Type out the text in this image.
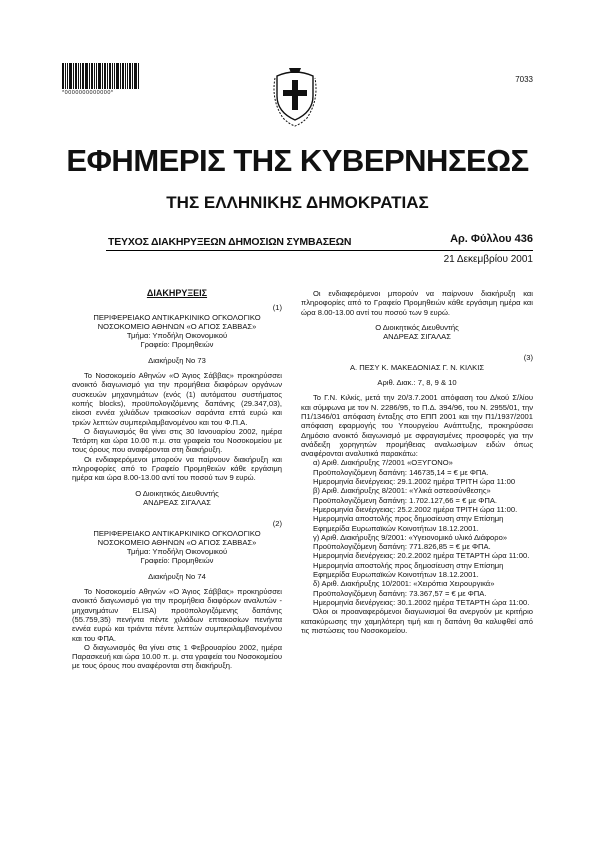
*0000000000000*
7033
ΕΦΗΜΕΡΙΣ ΤΗΣ ΚΥΒΕΡΝΗΣΕΩΣ
ΤΗΣ ΕΛΛΗΝΙΚΗΣ ΔΗΜΟΚΡΑΤΙΑΣ
ΤΕΥΧΟΣ ΔΙΑΚΗΡΥΞΕΩΝ ΔΗΜΟΣΙΩΝ ΣΥΜΒΑΣΕΩΝ	Αρ. Φύλλου 436
21 Δεκεμβρίου 2001

ΔΙΑΚΗΡΥΞΕΙΣ

(1)

ΠΕΡΙΦΕΡΕΙΑΚΟ ΑΝΤΙΚΑΡΚΙΝΙΚΟ ΟΓΚΟΛΟΓΙΚΟ

ΝΟΣΟΚΟΜΕΙΟ ΑΘΗΝΩΝ «Ο ΑΓΙΟΣ ΣΑΒΒΑΣ»

Τμήμα: Υποδήλη Οικονομικού

Γραφείο: Προμηθειών

Διακήρυξη Νο 73

Το Νοσοκομείο Αθηνών «Ο Άγιος Σάββας» προκηρύσσει ανοικτό διαγωνισμό για την προμήθεια διαφόρων οργάνων συσκευών μηχανημάτων (ενός (1) αυτόματου συστήματος κοπής blocks), προϋπολογιζόμενης δαπάνης (29.347,03), είκοσι εννέα χιλιάδων τριακοσίων σαράντα επτά ευρώ και τριών λεπτών συμπεριλαμβανομένου και του Φ.Π.Α.

Ο διαγωνισμός θα γίνει στις 30 Ιανουαρίου 2002, ημέρα Τετάρτη και ώρα 10.00 π.μ. στα γραφεία του Νοσοκομείου με τους όρους που αναφέρονται στη διακήρυξη.

Οι ενδιαφερόμενοι μπορούν να παίρνουν διακήρυξη και πληροφορίες από το Γραφείο Προμηθειών κάθε εργάσιμη ημέρα και ώρα 8.00-13.00 αντί του ποσού των 9 ευρώ.

Ο Διοικητικός Διευθυντής

ΑΝΔΡΕΑΣ ΣΙΓΑΛΑΣ

(2)

ΠΕΡΙΦΕΡΕΙΑΚΟ ΑΝΤΙΚΑΡΚΙΝΙΚΟ ΟΓΚΟΛΟΓΙΚΟ

ΝΟΣΟΚΟΜΕΙΟ ΑΘΗΝΩΝ «Ο ΑΓΙΟΣ ΣΑΒΒΑΣ»

Τμήμα: Υποδήλη Οικονομικού

Γραφείο: Προμηθειών

Διακήρυξη Νο 74

Το Νοσοκομείο Αθηνών «Ο Άγιος Σάββας» προκηρύσσει ανοικτό διαγωνισμό για την προμήθεια διαφόρων αναλυτών - μηχανημάτων ELISA) προϋπολογιζόμενης δαπάνης (55.759,35) πενήντα πέντε χιλιάδων επτακοσίων πενήντα εννέα ευρώ και τριάντα πέντε λεπτών συμπεριλαμβανομένου και του ΦΠΑ.

Ο διαγωνισμός θα γίνει στις 1 Φεβρουαρίου 2002, ημέρα Παρασκευή και ώρα 10.00 π. μ. στα γραφεία του Νοσοκομείου με τους όρους που αναφέρονται στη διακήρυξη.

Οι ενδιαφερόμενοι μπορούν να παίρνουν διακήρυξη και πληροφορίες από το Γραφείο Προμηθειών κάθε εργάσιμη ημέρα και ώρα 8.00-13.00 αντί του ποσού των 9 ευρώ.

Ο Διοικητικός Διευθυντής

ΑΝΔΡΕΑΣ ΣΙΓΑΛΑΣ

(3)

Α. ΠΕΣΥ Κ. ΜΑΚΕΔΟΝΙΑΣ Γ. Ν. ΚΙΛΚΙΣ

Αριθ. Διακ.: 7, 8, 9 & 10

Το Γ.Ν. Κιλκίς, μετά την 20/3.7.2001 απόφαση του Δ/κού Σ/λίου και σύμφωνα με τον Ν. 2286/95, το Π.Δ. 394/96, του Ν. 2955/01, την Π1/1346/01 απόφαση ένταξης στο ΕΠΠ 2001 και την Π1/1937/2001 απόφαση εφαρμογής του Υπουργείου Ανάπτυξης, προκηρύσσει Δημόσιο ανοικτό διαγωνισμό με σφραγισμένες προσφορές για την ανάδειξη χορηγητών προμήθειας αναλωσίμων ειδών όπως αναφέρονται αναλυτικά παρακάτω:

α) Αριθ. Διακήρυξης 7/2001 «ΟΞΥΓΟΝΟ»

Προϋπολογιζόμενη δαπάνη: 146735,14 = € με ΦΠΑ.

Ημερομηνία διενέργειας: 29.1.2002 ημέρα ΤΡΙΤΗ ώρα 11:00

β) Αριθ. Διακήρυξης 8/2001: «Υλικά οστεοσύνθεσης»

Προϋπολογιζόμενη δαπάνη: 1.702.127,66 = € με ΦΠΑ.

Ημερομηνία διενέργειας: 25.2.2002 ημέρα ΤΡΙΤΗ ώρα 11:00.

Ημερομηνία αποστολής προς δημοσίευση στην Επίσημη Εφημερίδα Ευρωπαϊκών Κοινοτήτων 18.12.2001.

γ) Αριθ. Διακήρυξης 9/2001: «Υγειονομικό υλικό Διάφορο»

Προϋπολογιζόμενη δαπάνη: 771.826,85 = € με ΦΠΑ.

Ημερομηνία διενέργειας: 20.2.2002 ημέρα ΤΕΤΑΡΤΗ ώρα 11:00.

Ημερομηνία αποστολής προς δημοσίευση στην Επίσημη Εφημερίδα Ευρωπαϊκών Κοινοτήτων 18.12.2001.

δ) Αριθ. Διακήρυξης 10/2001: «Χειρόπια Χειρουργικά»

Προϋπολογιζόμενη δαπάνη: 73.367,57 = € με ΦΠΑ.

Ημερομηνία διενέργειας: 30.1.2002 ημέρα ΤΕΤΑΡΤΗ ώρα 11:00.

Όλοι οι προαναφερόμενοι διαγωνισμοί θα ανεργούν με κριτήριο κατακύρωσης την χαμηλότερη τιμή και η δαπάνη θα καλυφθεί από τις πιστώσεις του Νοσοκομείου.
